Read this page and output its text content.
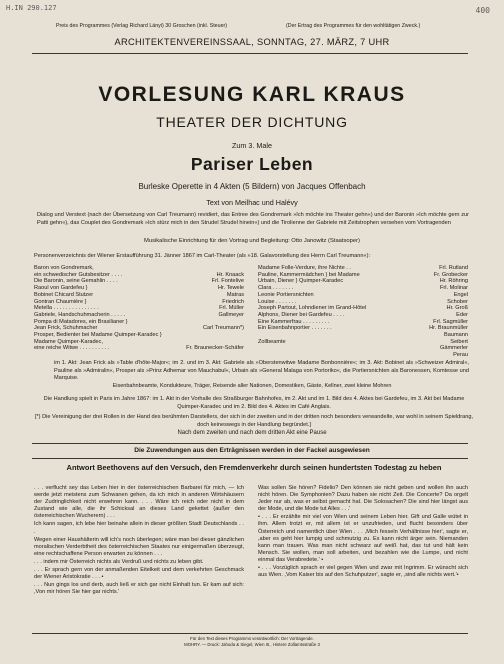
H.IN 290.127	400
Preis des Programmes (Verlag Richard Lányi) 30 Groschen (inkl. Steuer)	(Der Ertrag des Programmes für den wohltätigen Zweck.)
ARCHITEKTENVEREINSSAAL, SONNTAG, 27. MÄRZ, 7 UHR
VORLESUNG KARL KRAUS
THEATER DER DICHTUNG
Zum 3. Male
Pariser Leben
Burleske Operette in 4 Akten (5 Bildern) von Jacques Offenbach
Text von Meilhac und Halévy
Dialog und Verstext (nach der Übersetzung von Carl Treumann) revidiert, das Entree des Gondremark »Ich möchte ins Theater gehn«) und der Baronin »Ich möchte gern zur Patti gehn«), das Couplet des Gondremark »Ich stürz mich in den Strudel Strudel hinein«) und die Tirolienne der Gabriele mit Zeitstrophen versehen vom Vortragenden
Musikalische Einrichtung für den Vortrag und Begleitung: Otto Janowitz (Staatsoper)
Personenverzeichnis der Wiener Erstaufführung 31. Jänner 1867 im Carl-Theater (als »18. Galavorstellung des Herrn Carl Treumann«):
Baron von Gondremark,
ein schwedischer Gutsbesitzer . . . .	Hr. Knaack
Die Baronin, seine Gemahlin . . . .	Frl. Fontelive
Raoul von Gardefeu }	Hr. Tewele
Bobinet Chicard Stutzer	Matras
Gontran Chaumière }	Friedrich
Metella . . . . . . . . . . . . . . .	Frl. Müller
Gabriele, Handschuhmacherin . . . . .	Gallmeyer
Pompa di Matadores, ein Brasilianer }
Jean Frick, Schuhmacher	Carl Treumann*)
Prosper, Bedienter bei Madame Quimper-Karadec }
Madame Quimper-Karadec,
eine reiche Witwe . . . . . . . . . .	Fr. Braunecker-Schäfer
Madame Folle-Verdure, ihre Nichte . .	Frl. Rutland
Pauline, Kammermädchen } bei Madame	Fr. Grobecker
Urbain, Diener } Quimper-Karadec	Hr. Röhring
Clara . . . . . . .	Frl. Molinar
Leonie Portiersnichten	Engel
Louise . . . . . . .	Schober
Joseph Partout, Lohndiener im Grand-Hôtel	Hr. Groß
Alphons, Diener bei Gardefeu . . . .	Eder
Eine Kammerfrau . . . . . . . . .	Frl. Sagmüller
Ein Eisenbahnportier . . . . . . .	Hr. Braunmüller
Baumann
Zollbeamte	Seibert
Gämmerler
Perau
im 1. Akt: Jean Frick als »Table d'hôte-Major«; im 2. und im 3. Akt: Gabriele als »Oberstenwitwe Madame Bonbonnière«; im 3. Akt: Bobinet als »Schweizer Admiral«, Pauline als »Admiralin«, Prosper als »Prinz Adhemar von Mauchabul«, Urbain als »General Malaga von Portoriko«, die Portiersnichten als Baronessen, Komtesse und Marquise.
Eisenbahnbeamte, Kondukteure, Träger, Reisende aller Nationen, Domestiken, Gäste, Kellner, zwei kleine Mohren
Die Handlung spielt in Paris im Jahre 1867: im 1. Akt in der Vorhalle des Straßburger Bahnhofes, im 2. Akt und im 1. Bild des 4. Aktes bei Gardefeu, im 3. Akt bei Madame Quimper-Karadec und im 2. Bild des 4. Aktes im Café Anglais.
[*) Die Vereinigung der drei Rollen in der Hand des berühmten Darstellers, der sich in der zweiten und in der dritten noch besonders verwandelte, war wohl in seinem Spieldrang, doch keineswegs in der Handlung begründet.]
Nach dem zweiten und nach dem dritten Akt eine Pause
Die Zuwendungen aus den Erträgnissen werden in der Fackel ausgewiesen
Antwort Beethovens auf den Versuch, den Fremdenverkehr durch seinen hundertsten Todestag zu heben

. . . verflucht sey das Leben hier in der österreichischen Barbarei für mich, — Ich werde jetzt meistens zum Schwanen gehen, da ich mich in anderen Wirtshäusern der Zudringlichkeit nicht erwehren kann. . . . Wäre ich reich oder nicht in dem Zustand wie alle, die ihr Schicksal an dieses Land gekettet (außer den österreichischen Wucherern) . . .

Ich kann sagen, ich lebe hier beinahe allein in dieser größten Stadt Deutschlands . . .

Wegen einer Haushälterin will ich's noch überlegen; wäre man bei dieser gänzlichen moralischen Verderbtheit des österreichischen Staates nur einigermaßen überzeugt, eine rechtschaffene Person erwarten zu können . . .

. . . indem mir Österreich nichts als Verdruß und nichts zu leben gibt.

. . . Er sprach gern von der anmaßenden Eitelkeit und dem verkehrten Geschmack der Wiener Aristokratie . . . •

. . . Nun gings los und derb, auch ließ er sich gar nicht Einhalt tun. Er kam auf sich: ,Von mir hören Sie hier gar nichts.'

Was sollen Sie hören? Fidelio? Den können sie nicht geben und wollen ihn auch nicht hören. Die Symphonien? Dazu haben sie nicht Zeit. Die Concerte? Da orgelt Jeder nur ab, was er selbst gemacht hat. Die Solosachen? Die sind hier längst aus der Mode, und die Mode tut Alles . . .'

• . . . Er erzählte mir viel von Wien und seinem Leben hier. Gift und Galle wütet in ihm. Allem trotzt er, mit allem ist er unzufrieden, und flucht besonders über Österreich und namentlich über Wien . . . ,Mich fesseln Verhältnisse hier', sagte er, ,aber es geht hier lumpig und schmutzig zu. Es kann nicht ärger sein. Niemanden kann man trauen. Was man nicht schwarz auf weiß hat, das tut und hält kein Mensch. Sie wollen, man soll arbeiten, und bezahlen wie die Lumpe, und nicht einmal das Verabredete.' •

• . . . Vorzüglich sprach er viel gegen Wien und zwar mit Ingrimm. Er wünscht sich aus Wien. ,Vom Kaiser bis auf den Schuhputzer', sagte er, ,sind alle nichts wert.'•

Für den Text dieses Programms verantwortlich: Der Vortragende.
MOHRY. — Druck: Jahoda & Siegel, Wien III., Hintere Zollamtsstraße 3
